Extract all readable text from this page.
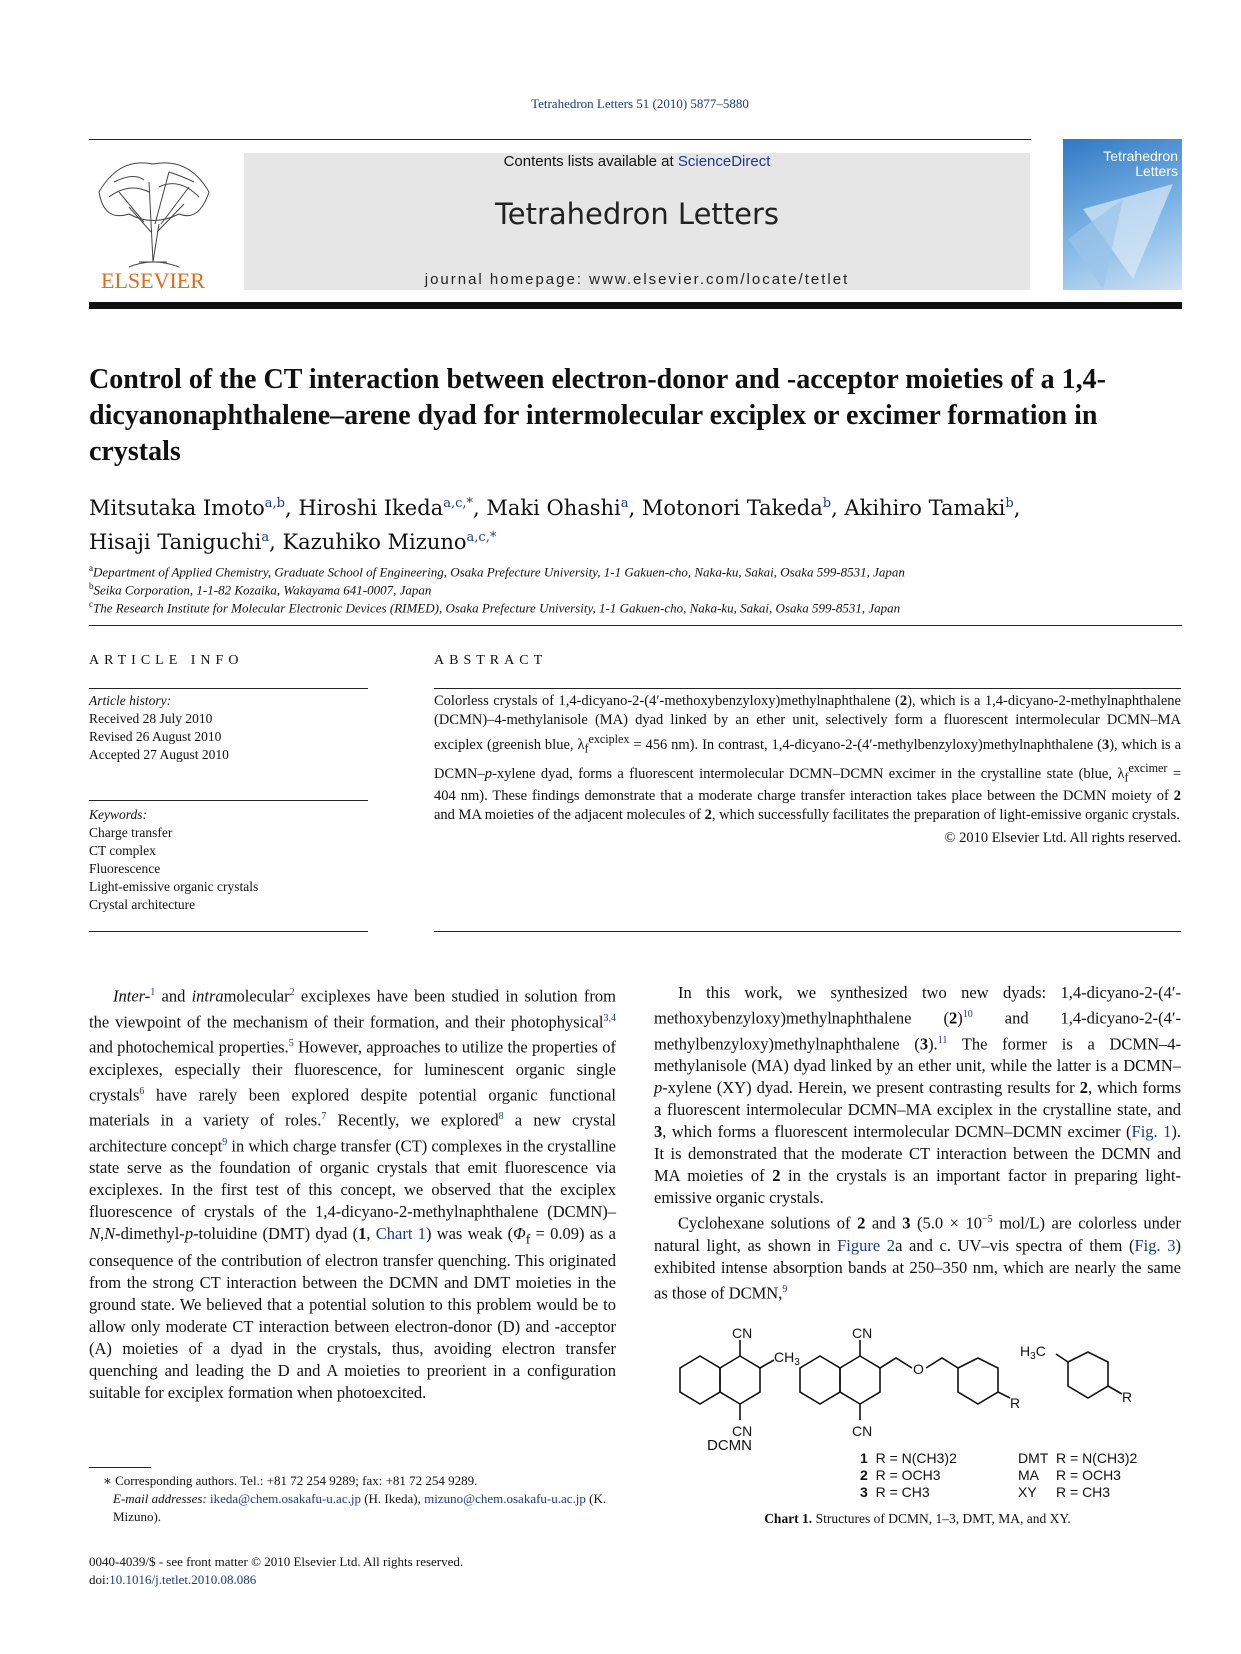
Tetrahedron Letters 51 (2010) 5877–5880
ELSEVIER
Contents lists available at ScienceDirect
Tetrahedron Letters
journal homepage: www.elsevier.com/locate/tetlet
Tetrahedron Letters
Control of the CT interaction between electron-donor and -acceptor moieties of a 1,4-dicyanonaphthalene–arene dyad for intermolecular exciplex or excimer formation in crystals
Mitsutaka Imoto$^{a,b}$, Hiroshi Ikeda$^{a,c,*}$, Maki Ohashi$^a$, Motonori Takeda$^b$, Akihiro Tamaki$^b$,
Hisaji Taniguchi$^a$, Kazuhiko Mizuno$^{a,c,*}$
$^a$Department of Applied Chemistry, Graduate School of Engineering, Osaka Prefecture University, 1-1 Gakuen-cho, Naka-ku, Sakai, Osaka 599-8531, Japan
$^b$Seika Corporation, 1-1-82 Kozaika, Wakayama 641-0007, Japan
$^c$The Research Institute for Molecular Electronic Devices (RIMED), Osaka Prefecture University, 1-1 Gakuen-cho, Naka-ku, Sakai, Osaka 599-8531, Japan
ARTICLE INFO
Article history:
Received 28 July 2010
Revised 26 August 2010
Accepted 27 August 2010
Keywords:
Charge transfer
CT complex
Fluorescence
Light-emissive organic crystals
Crystal architecture
ABSTRACT
Colorless crystals of 1,4-dicyano-2-(4′-methoxybenzyloxy)methylnaphthalene (2), which is a 1,4-dicyano-2-methylnaphthalene (DCMN)–4-methylanisole (MA) dyad linked by an ether unit, selectively form a fluorescent intermolecular DCMN–MA exciplex (greenish blue, $\lambda_f^{exciplex} = 456$ nm). In contrast, 1,4-dicyano-2-(4′-methylbenzyloxy)methylnaphthalene (3), which is a DCMN–p-xylene dyad, forms a fluorescent intermolecular DCMN–DCMN excimer in the crystalline state (blue, $\lambda_f^{excimer} = 404$ nm). These findings demonstrate that a moderate charge transfer interaction takes place between the DCMN moiety of 2 and MA moieties of the adjacent molecules of 2, which successfully facilitates the preparation of light-emissive organic crystals.
© 2010 Elsevier Ltd. All rights reserved.

Inter-$^1$ and intramolecular$^2$ exciplexes have been studied in solution from the viewpoint of the mechanism of their formation, and their photophysical$^{3,4}$ and photochemical properties.$^5$ However, approaches to utilize the properties of exciplexes, especially their fluorescence, for luminescent organic single crystals$^6$ have rarely been explored despite potential organic functional materials in a variety of roles.$^7$ Recently, we explored$^8$ a new crystal architecture concept$^9$ in which charge transfer (CT) complexes in the crystalline state serve as the foundation of organic crystals that emit fluorescence via exciplexes. In the first test of this concept, we observed that the exciplex fluorescence of crystals of the 1,4-dicyano-2-methylnaphthalene (DCMN)–N,N-dimethyl-p-toluidine (DMT) dyad (1, Chart 1) was weak $(\Phi_f = 0.09)$ as a consequence of the contribution of electron transfer quenching. This originated from the strong CT interaction between the DCMN and DMT moieties in the ground state. We believed that a potential solution to this problem would be to allow only moderate CT interaction between electron-donor (D) and -acceptor (A) moieties of a dyad in the crystals, thus, avoiding electron transfer quenching and leading the D and A moieties to preorient in a configuration suitable for exciplex formation when photoexcited.

In this work, we synthesized two new dyads: 1,4-dicyano-2-(4′-methoxybenzyloxy)methylnaphthalene $(2)^{10}$ and 1,4-dicyano-2-(4′-methylbenzyloxy)methylnaphthalene (3).$^{11}$ The former is a DCMN–4-methylanisole (MA) dyad linked by an ether unit, while the latter is a DCMN–p-xylene (XY) dyad. Herein, we present contrasting results for 2, which forms a fluorescent intermolecular DCMN–MA exciplex in the crystalline state, and 3, which forms a fluorescent intermolecular DCMN–DCMN excimer (Fig. 1). It is demonstrated that the moderate CT interaction between the DCMN and MA moieties of 2 in the crystals is an important factor in preparing light-emissive organic crystals.

Cyclohexane solutions of 2 and 3 ($5.0 \times 10^{-5}$ mol/L) are colorless under natural light, as shown in Figure 2a and c. UV–vis spectra of them (Fig. 3) exhibited intense absorption bands at 250–350 nm, which are nearly the same as those of DCMN,$^9$

CN
CN
$CH_3$
CN
CN
O
R
$H_3C$
R
DCMN
1 R = N(CH3)2
2 R = OCH3
3 R = CH3
DMT R = N(CH3)2
MA R = OCH3
XY R = CH3
Chart 1. Structures of DCMN, 1–3, DMT, MA, and XY.
∗ Corresponding authors. Tel.: +81 72 254 9289; fax: +81 72 254 9289.
E-mail addresses: ikeda@chem.osakafu-u.ac.jp (H. Ikeda), mizuno@chem.osakafu-u.ac.jp (K. Mizuno).
0040-4039/$ - see front matter © 2010 Elsevier Ltd. All rights reserved.
doi:10.1016/j.tetlet.2010.08.086
